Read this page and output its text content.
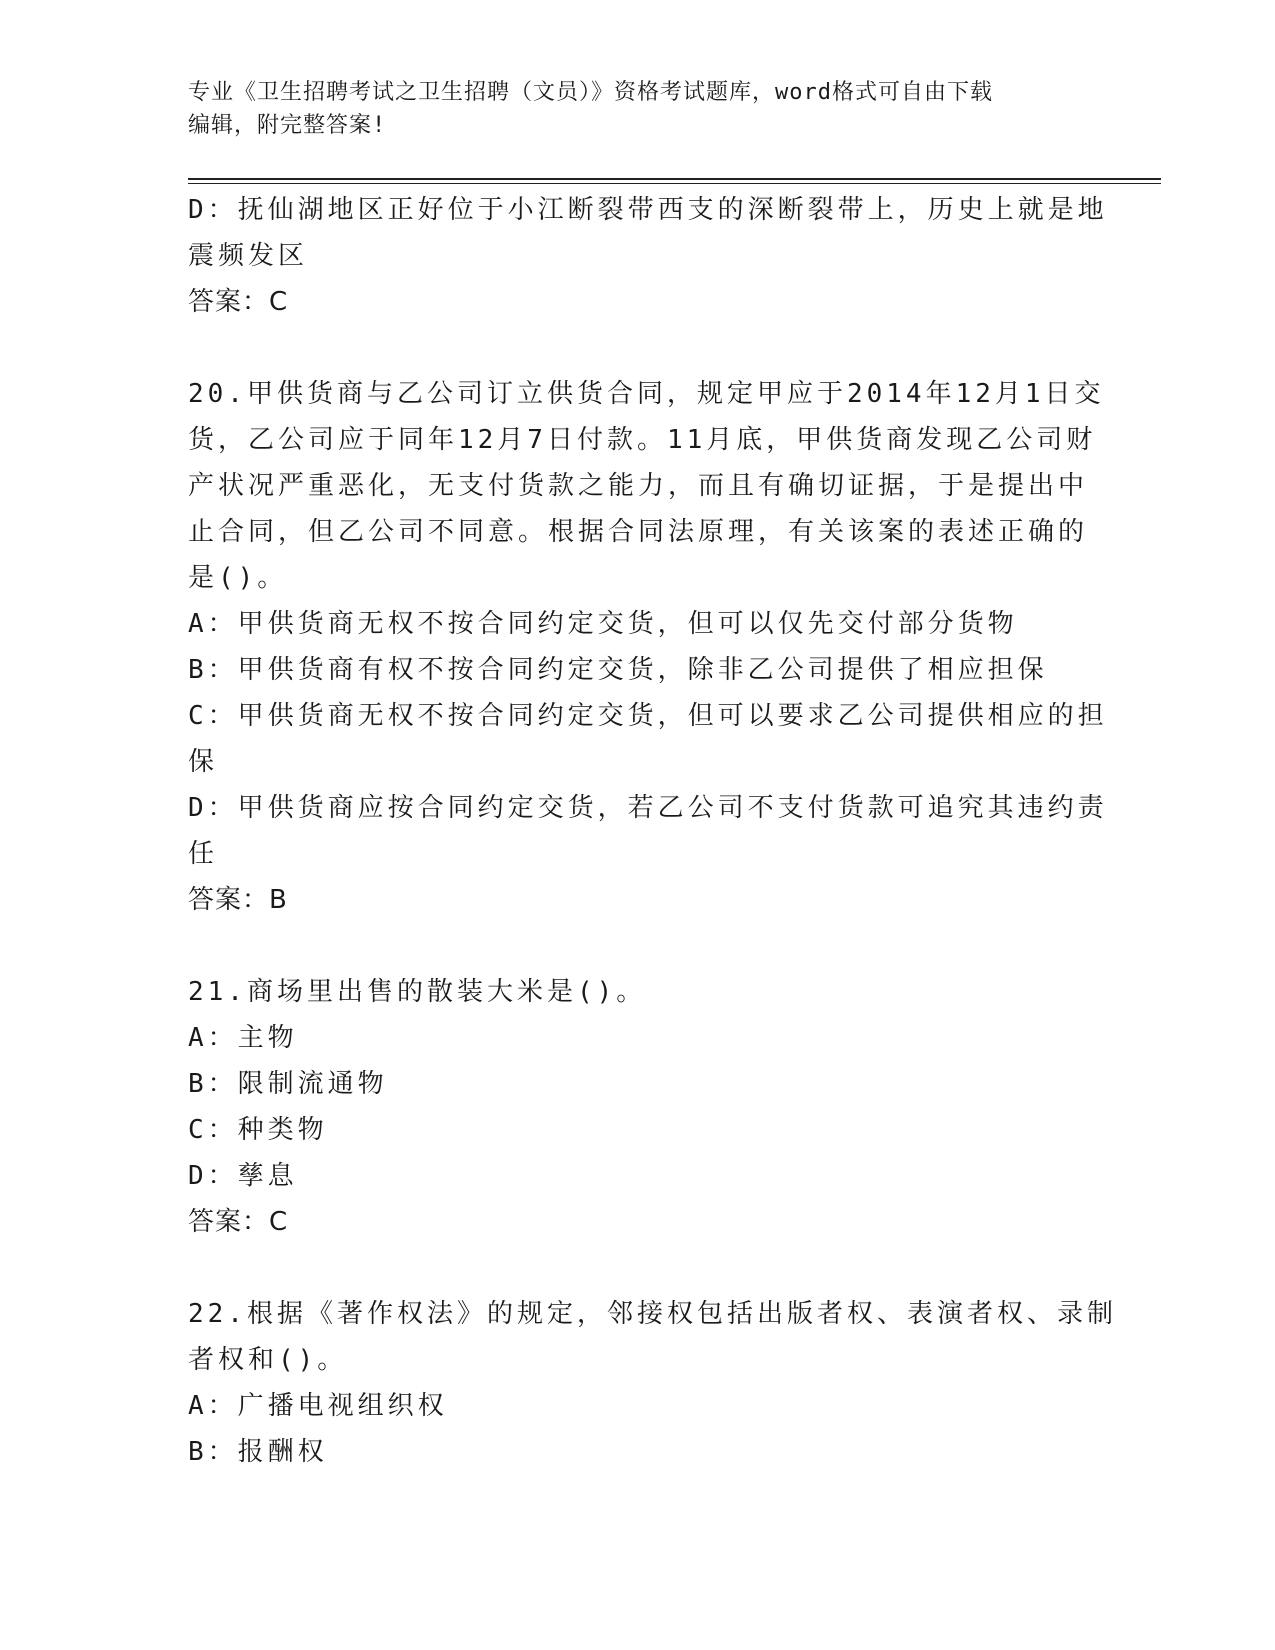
专业《卫生招聘考试之卫生招聘（文员）》资格考试题库，word格式可自由下载
编辑，附完整答案!
D：抚仙湖地区正好位于小江断裂带西支的深断裂带上，历史上就是地
震频发区
答案：C
20.甲供货商与乙公司订立供货合同，规定甲应于2014年12月1日交
货，乙公司应于同年12月7日付款。11月底，甲供货商发现乙公司财
产状况严重恶化，无支付货款之能力，而且有确切证据，于是提出中
止合同，但乙公司不同意。根据合同法原理，有关该案的表述正确的
是()。
A：甲供货商无权不按合同约定交货，但可以仅先交付部分货物
B：甲供货商有权不按合同约定交货，除非乙公司提供了相应担保
C：甲供货商无权不按合同约定交货，但可以要求乙公司提供相应的担
保
D：甲供货商应按合同约定交货，若乙公司不支付货款可追究其违约责
任
答案：B
21.商场里出售的散装大米是()。
A：主物
B：限制流通物
C：种类物
D：孳息
答案：C
22.根据《著作权法》的规定，邻接权包括出版者权、表演者权、录制
者权和()。
A：广播电视组织权
B：报酬权
